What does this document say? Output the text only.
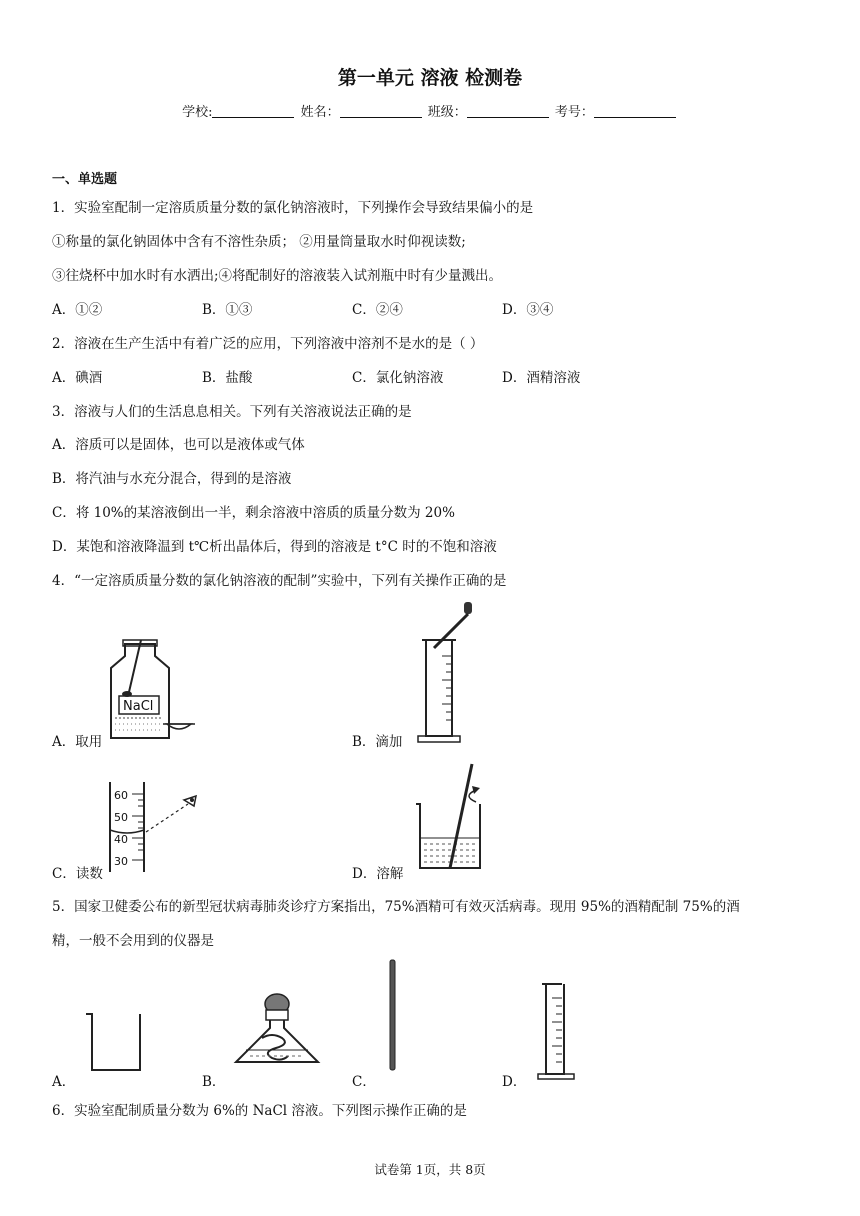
第一单元 溶液 检测卷
学校:	姓名：	班级：	考号：
一、单选题
1．实验室配制一定溶质质量分数的氯化钠溶液时，下列操作会导致结果偏小的是
①称量的氯化钠固体中含有不溶性杂质； ②用量筒量取水时仰视读数;
③往烧杯中加水时有水洒出;④将配制好的溶液装入试剂瓶中时有少量溅出。
A．①②	B．①③	C．②④	D．③④
2．溶液在生产生活中有着广泛的应用，下列溶液中溶剂不是水的是（ ）
A．碘酒	B．盐酸	C．氯化钠溶液	D．酒精溶液
3．溶液与人们的生活息息相关。下列有关溶液说法正确的是
A．溶质可以是固体，也可以是液体或气体
B．将汽油与水充分混合，得到的是溶液
C．将 10%的某溶液倒出一半，剩余溶液中溶质的质量分数为 20%
D．某饱和溶液降温到 t℃析出晶体后，得到的溶液是 t°C 时的不饱和溶液
4．“一定溶质质量分数的氯化钠溶液的配制”实验中，下列有关操作正确的是
NaCl
A．取用	B．滴加
60
50
40
30
C．读数	D．溶解
5．国家卫健委公布的新型冠状病毒肺炎诊疗方案指出，75%酒精可有效灭活病毒。现用 95%的酒精配制 75%的酒
精，一般不会用到的仪器是
A．	B．	C．	D．
6．实验室配制质量分数为 6%的 NaCl 溶液。下列图示操作正确的是
试卷第 1页，共 8页
